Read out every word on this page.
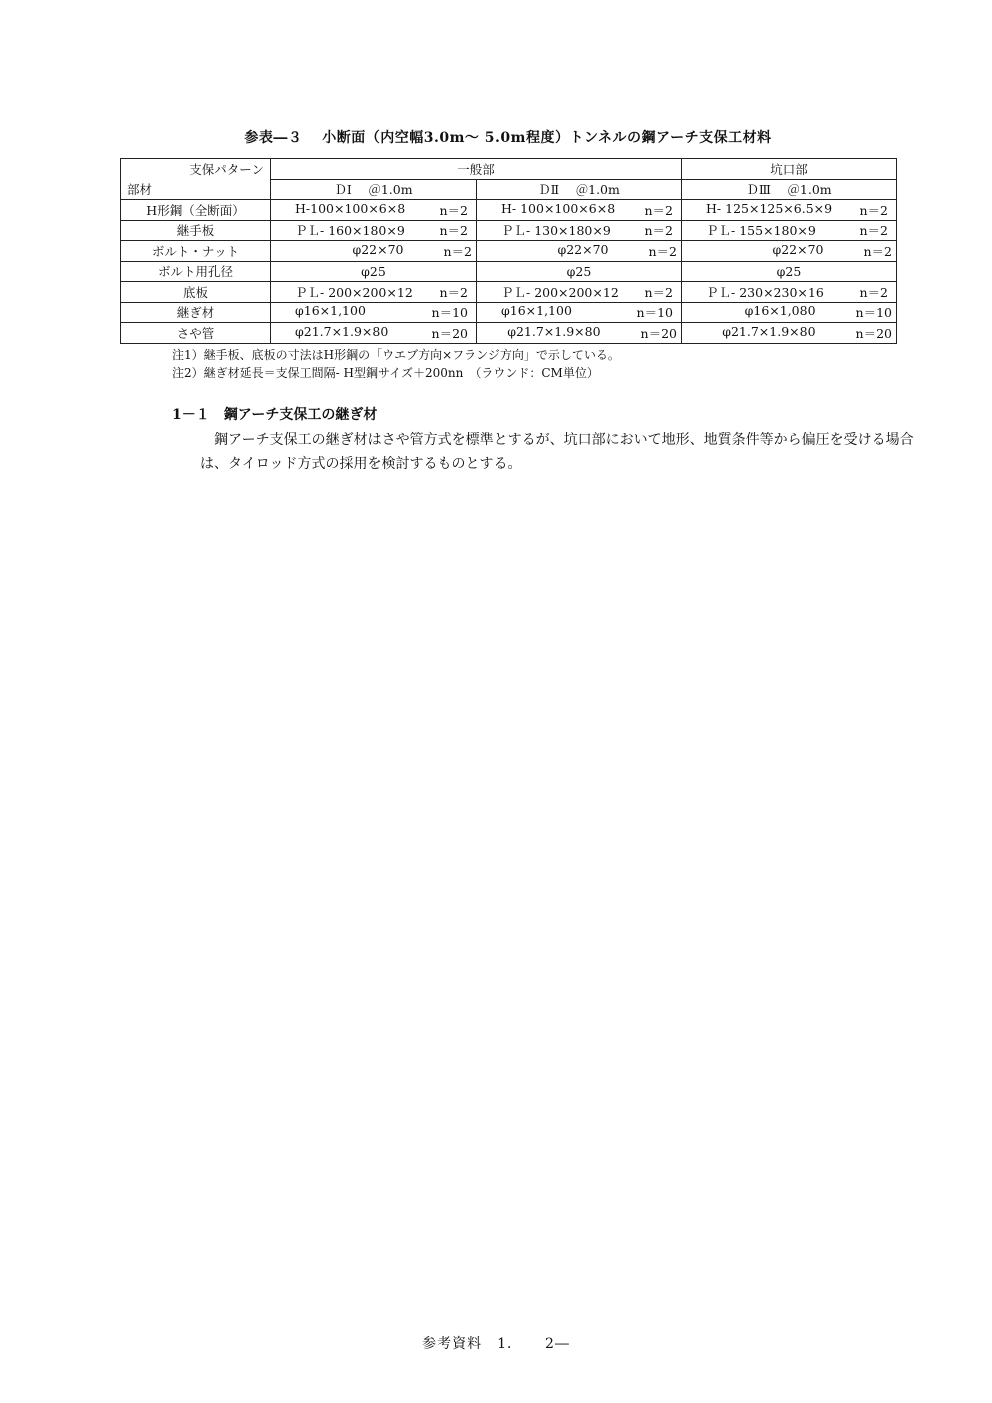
参表―３　 小断面（内空幅3.0m～ 5.0m程度）トンネルの鋼アーチ支保工材料
支保パターン
部材	一般部		坑口部
	ＤⅠ　 ＠1.0m	ＤⅡ　 ＠1.0m	ＤⅢ　 ＠1.0m
H形鋼（全断面）	H-100×100×6×8 n＝2	H- 100×100×6×8 n＝2	H- 125×125×6.5×9 n＝2

継手板	ＰＬ- 160×180×9 n＝2	ＰＬ- 130×180×9 n＝2	ＰＬ- 155×180×9 n＝2

ボルト・ナット	φ22×70 n＝2	φ22×70 n＝2	φ22×70 n＝2

ボルト用孔径	φ25	φ25	φ25

底板	ＰＬ- 200×200×12 n＝2	ＰＬ- 200×200×12 n＝2	ＰＬ- 230×230×16 n＝2

継ぎ材	φ16×1,100 n＝10	φ16×1,100 n＝10	φ16×1,080 n＝10

さや管	φ21.7×1.9×80 n＝20	φ21.7×1.9×80 n＝20	φ21.7×1.9×80 n＝20
注1）継手板、底板の寸法はH形鋼の「ウエブ方向×フランジ方向」で示している。
注2）継ぎ材延長＝支保工間隔- H型鋼サイズ＋200nn　（ラウンド：CM単位）
1－１　鋼アーチ支保工の継ぎ材
鋼アーチ支保工の継ぎ材はさや管方式を標準とするが、坑口部において地形、地質条件等から偏圧を受ける場合は、タイロッド方式の採用を検討するものとする。
参考資料　1．　　2―
